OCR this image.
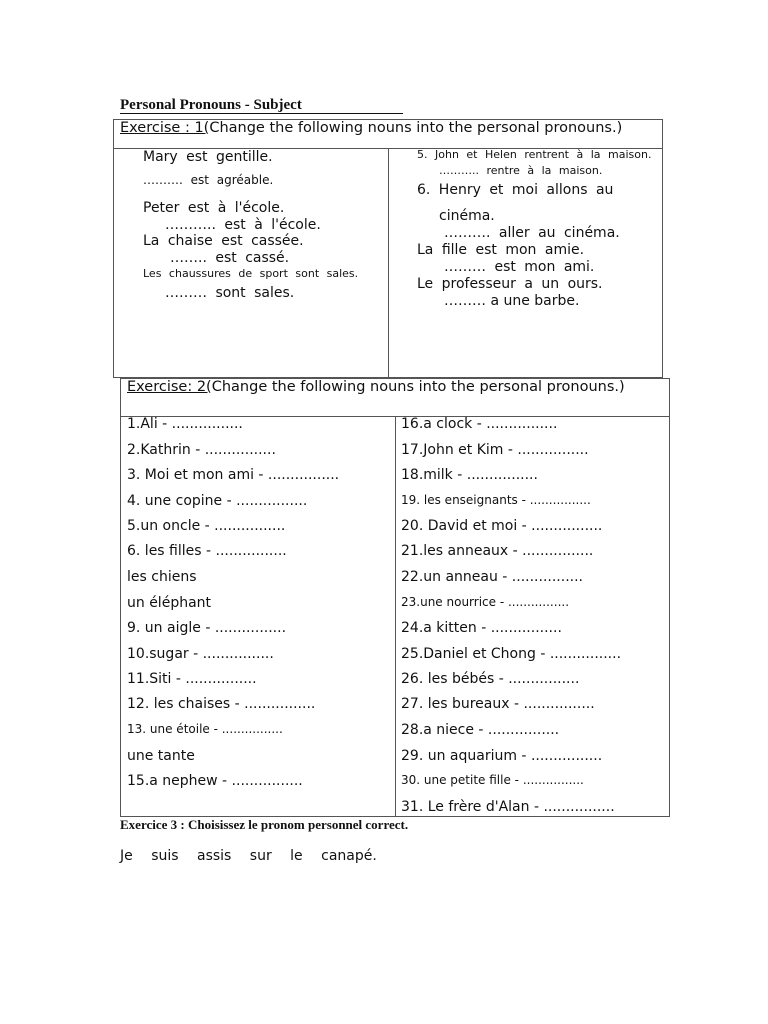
Personal Pronouns - Subject
Exercise : 1(Change the following nouns into the personal pronouns.)
Mary est gentille.
………. est agréable.
Peter est à l'école.
……….. est à l'école.
La chaise est cassée.
…….. est cassé.
Les chaussures de sport sont sales.
……… sont sales.
5. John et Helen rentrent à la maison.
……….. rentre à la maison.
6. Henry et moi allons au
cinéma.
………. aller au cinéma.
La fille est mon amie.
……… est mon ami.
Le professeur a un ours.
……… a une barbe.
Exercise: 2(Change the following nouns into the personal pronouns.)
1.Ali - ................
2.Kathrin - ................
3. Moi et mon ami - ................
4. une copine - ................
5.un oncle - ................
6. les filles - ................
les chiens
un éléphant
9. un aigle - ................
10.sugar - ................
11.Siti - ................
12. les chaises - ................
13. une étoile - ................
une tante
15.a nephew - ................
16.a clock - ................
17.John et Kim - ................
18.milk - ................
19. les enseignants - ................
20. David et moi - ................
21.les anneaux - ................
22.un anneau - ................
23.une nourrice - ................
24.a kitten - ................
25.Daniel et Chong - ................
26. les bébés - ................
27. les bureaux - ................
28.a niece - ................
29. un aquarium - ................
30. une petite fille - ................
31. Le frère d'Alan - ................
Exercice 3 : Choisissez le pronom personnel correct.
Je suis assis sur le canapé.
